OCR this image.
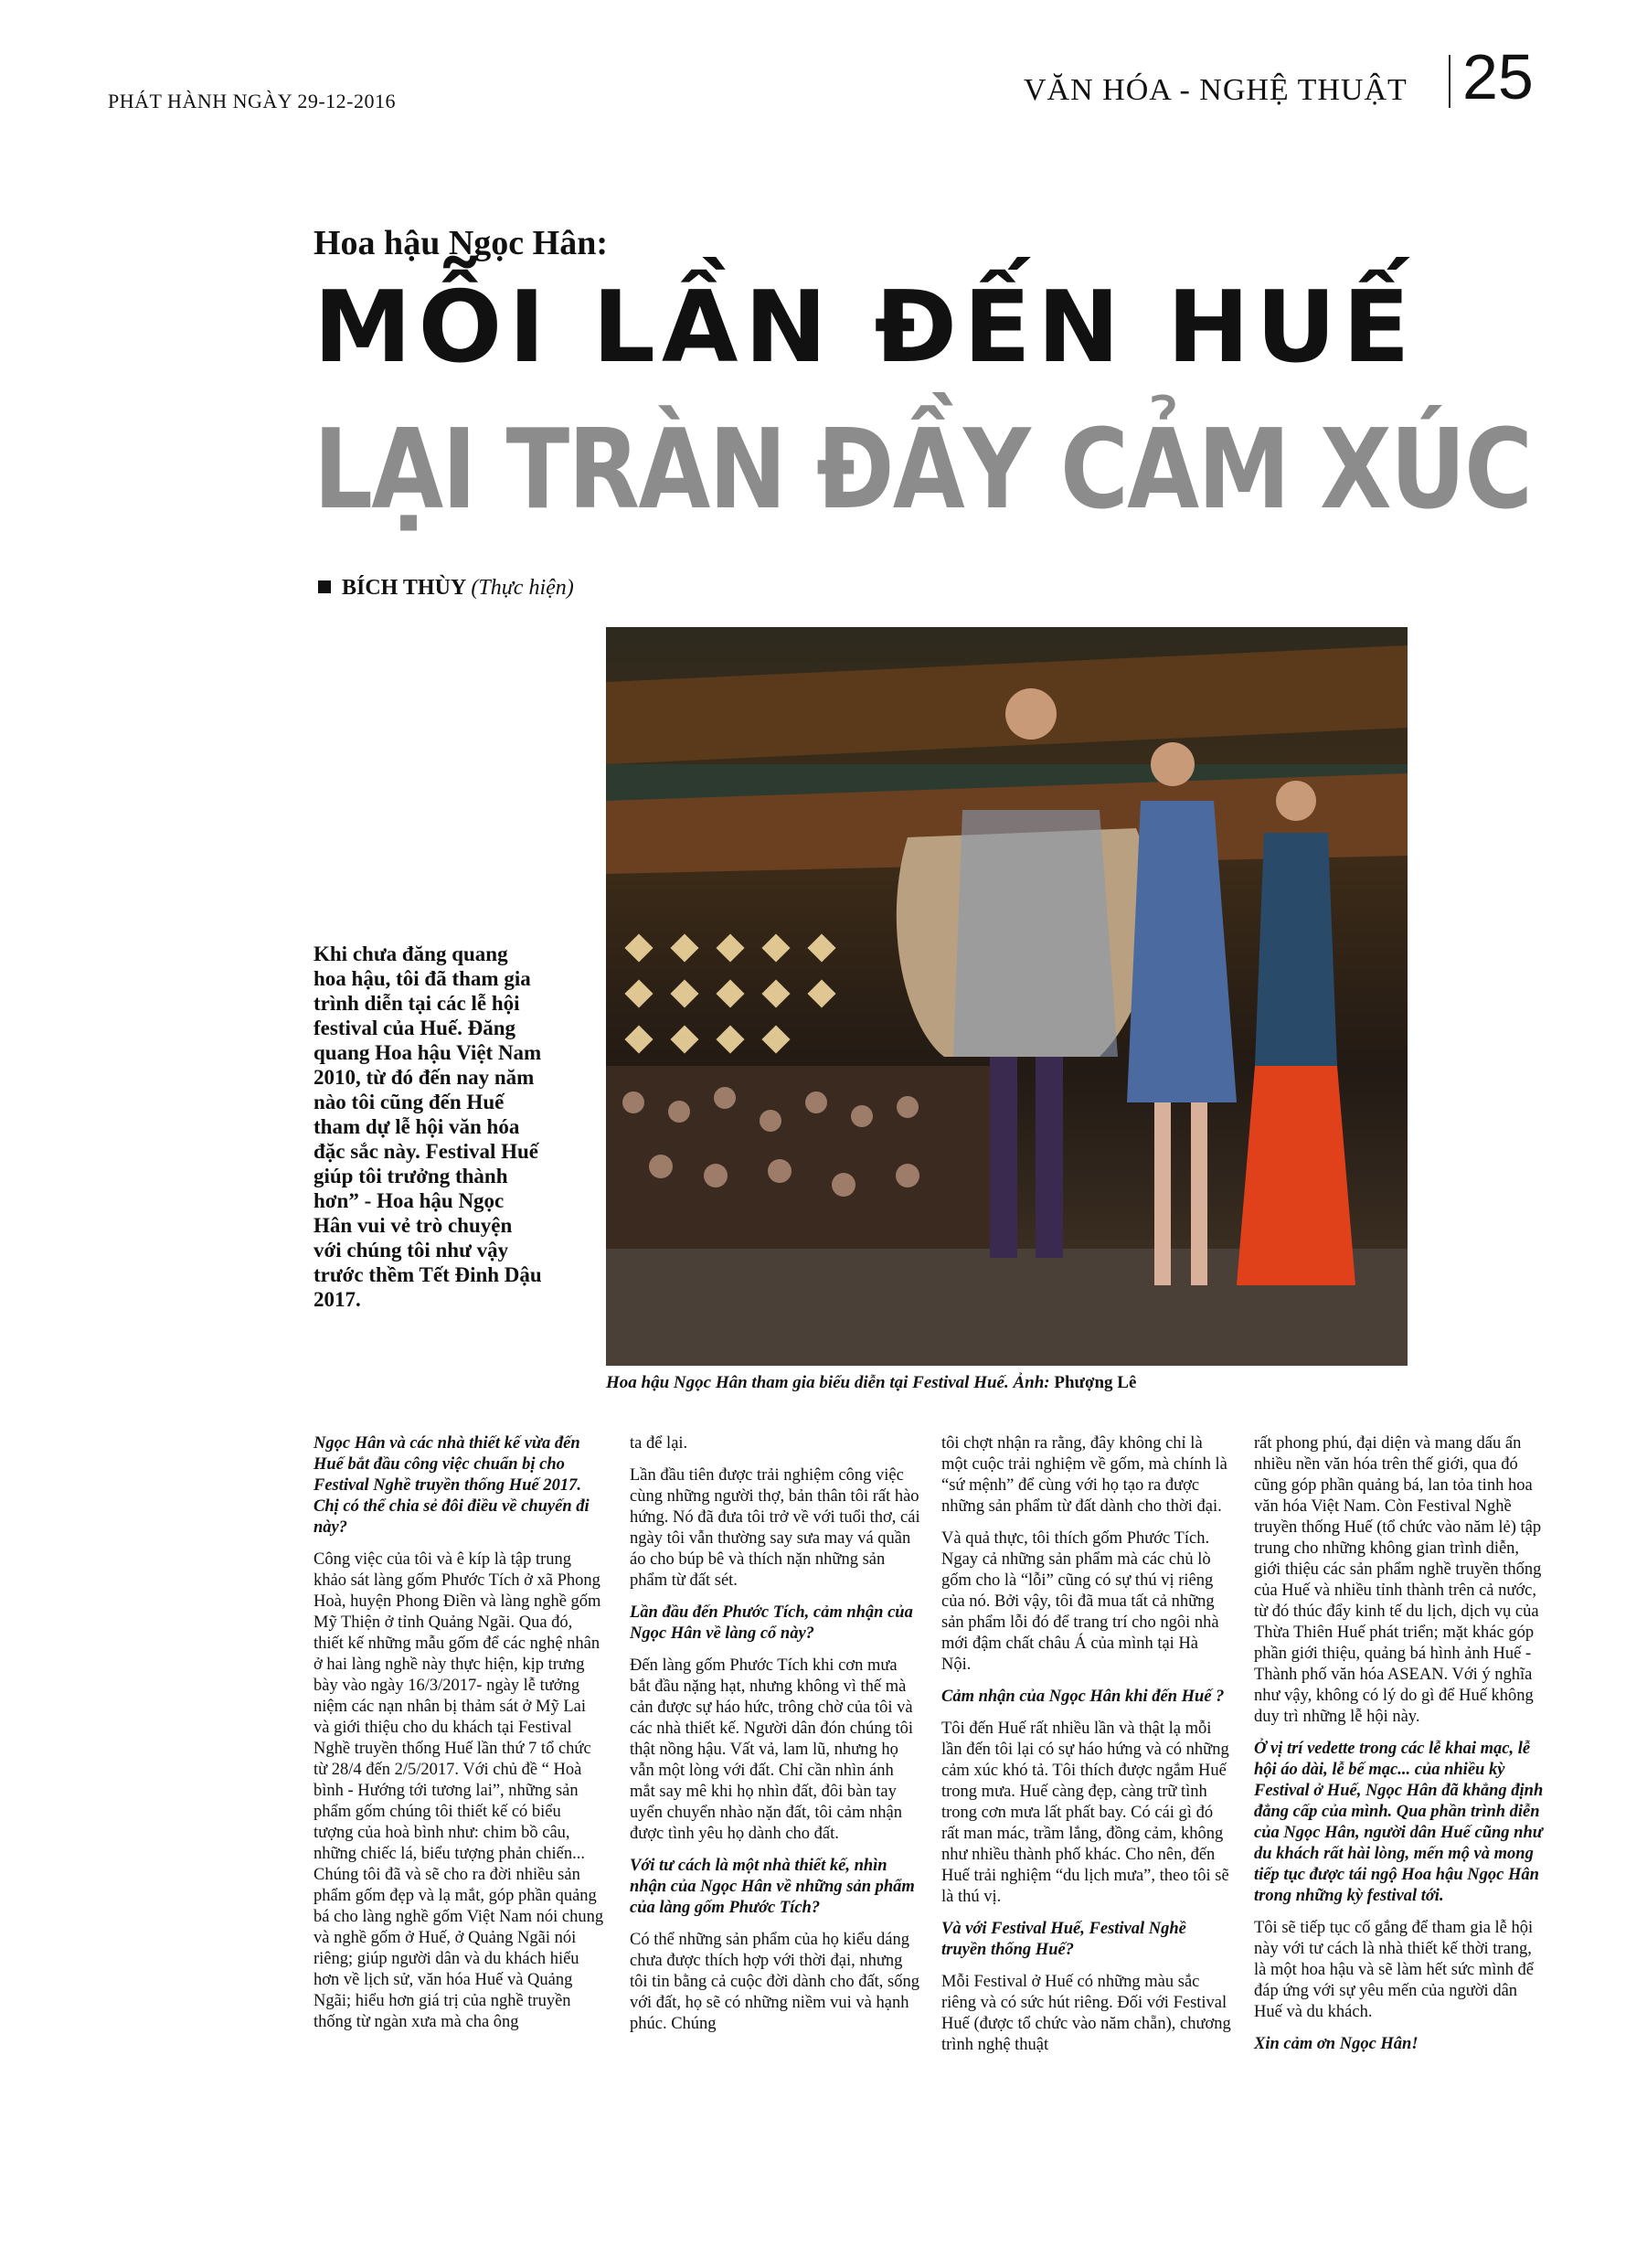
PHÁT HÀNH NGÀY 29-12-2016	VĂN HÓA - NGHỆ THUẬT 25
Hoa hậu Ngọc Hân:
MỖI LẦN ĐẾN HUẾ
LẠI TRÀN ĐẦY CẢM XÚC
BÍCH THÙY (Thực hiện)
Hoa hậu Ngọc Hân tham gia biểu diễn tại Festival Huế. Ảnh: Phượng Lê
Khi chưa đăng quang hoa hậu, tôi đã tham gia trình diễn tại các lễ hội festival của Huế. Đăng quang Hoa hậu Việt Nam 2010, từ đó đến nay năm nào tôi cũng đến Huế tham dự lễ hội văn hóa đặc sắc này. Festival Huế giúp tôi trưởng thành hơn” - Hoa hậu Ngọc Hân vui vẻ trò chuyện với chúng tôi như vậy trước thềm Tết Đinh Dậu 2017.

Ngọc Hân và các nhà thiết kế vừa đến Huế bắt đầu công việc chuẩn bị cho Festival Nghề truyền thống Huế 2017. Chị có thể chia sẻ đôi điều về chuyến đi này?

Công việc của tôi và ê kíp là tập trung khảo sát làng gốm Phước Tích ở xã Phong Hoà, huyện Phong Điền và làng nghề gốm Mỹ Thiện ở tỉnh Quảng Ngãi. Qua đó, thiết kế những mẫu gốm để các nghệ nhân ở hai làng nghề này thực hiện, kịp trưng bày vào ngày 16/3/2017- ngày lễ tưởng niệm các nạn nhân bị thảm sát ở Mỹ Lai và giới thiệu cho du khách tại Festival Nghề truyền thống Huế lần thứ 7 tổ chức từ 28/4 đến 2/5/2017. Với chủ đề “ Hoà bình - Hướng tới tương lai”, những sản phẩm gốm chúng tôi thiết kế có biểu tượng của hoà bình như: chim bồ câu, những chiếc lá, biểu tượng phản chiến... Chúng tôi đã và sẽ cho ra đời nhiều sản phẩm gốm đẹp và lạ mắt, góp phần quảng bá cho làng nghề gốm Việt Nam nói chung và nghề gốm ở Huế, ở Quảng Ngãi nói riêng; giúp người dân và du khách hiểu hơn về lịch sử, văn hóa Huế và Quảng Ngãi; hiểu hơn giá trị của nghề truyền thống từ ngàn xưa mà cha ông

ta để lại.

Lần đầu tiên được trải nghiệm công việc cùng những người thợ, bản thân tôi rất hào hứng. Nó đã đưa tôi trở về với tuổi thơ, cái ngày tôi vẫn thường say sưa may vá quần áo cho búp bê và thích nặn những sản phẩm từ đất sét.

Lần đầu đến Phước Tích, cảm nhận của Ngọc Hân về làng cổ này?

Đến làng gốm Phước Tích khi cơn mưa bắt đầu nặng hạt, nhưng không vì thế mà cản được sự háo hức, trông chờ của tôi và các nhà thiết kế. Người dân đón chúng tôi thật nồng hậu. Vất vả, lam lũ, nhưng họ vẫn một lòng với đất. Chỉ cần nhìn ánh mắt say mê khi họ nhìn đất, đôi bàn tay uyển chuyển nhào nặn đất, tôi cảm nhận được tình yêu họ dành cho đất.

Với tư cách là một nhà thiết kế, nhìn nhận của Ngọc Hân về những sản phẩm của làng gốm Phước Tích?

Có thể những sản phẩm của họ kiểu dáng chưa được thích hợp với thời đại, nhưng tôi tin bằng cả cuộc đời dành cho đất, sống với đất, họ sẽ có những niềm vui và hạnh phúc. Chúng

tôi chợt nhận ra rằng, đây không chỉ là một cuộc trải nghiệm về gốm, mà chính là “sứ mệnh” để cùng với họ tạo ra được những sản phẩm từ đất dành cho thời đại.

Và quả thực, tôi thích gốm Phước Tích. Ngay cả những sản phẩm mà các chủ lò gốm cho là “lỗi” cũng có sự thú vị riêng của nó. Bởi vậy, tôi đã mua tất cả những sản phẩm lỗi đó để trang trí cho ngôi nhà mới đậm chất châu Á của mình tại Hà Nội.

Cảm nhận của Ngọc Hân khi đến Huế ?

Tôi đến Huế rất nhiều lần và thật lạ mỗi lần đến tôi lại có sự háo hứng và có những cảm xúc khó tả. Tôi thích được ngắm Huế trong mưa. Huế càng đẹp, càng trữ tình trong cơn mưa lất phất bay. Có cái gì đó rất man mác, trầm lắng, đồng cảm, không như nhiều thành phố khác. Cho nên, đến Huế trải nghiệm “du lịch mưa”, theo tôi sẽ là thú vị.

Và với Festival Huế, Festival Nghề truyền thống Huế?

Mỗi Festival ở Huế có những màu sắc riêng và có sức hút riêng. Đối với Festival Huế (được tổ chức vào năm chẵn), chương trình nghệ thuật

rất phong phú, đại diện và mang dấu ấn nhiều nền văn hóa trên thế giới, qua đó cũng góp phần quảng bá, lan tỏa tinh hoa văn hóa Việt Nam. Còn Festival Nghề truyền thống Huế (tổ chức vào năm lẻ) tập trung cho những không gian trình diễn, giới thiệu các sản phẩm nghề truyền thống của Huế và nhiều tỉnh thành trên cả nước, từ đó thúc đẩy kinh tế du lịch, dịch vụ của Thừa Thiên Huế phát triển; mặt khác góp phần giới thiệu, quảng bá hình ảnh Huế - Thành phố văn hóa ASEAN. Với ý nghĩa như vậy, không có lý do gì để Huế không duy trì những lễ hội này.

Ở vị trí vedette trong các lễ khai mạc, lễ hội áo dài, lễ bế mạc... của nhiều kỳ Festival ở Huế, Ngọc Hân đã khẳng định đẳng cấp của mình. Qua phần trình diễn của Ngọc Hân, người dân Huế cũng như du khách rất hài lòng, mến mộ và mong tiếp tục được tái ngộ Hoa hậu Ngọc Hân trong những kỳ festival tới.

Tôi sẽ tiếp tục cố gắng để tham gia lễ hội này với tư cách là nhà thiết kế thời trang, là một hoa hậu và sẽ làm hết sức mình để đáp ứng với sự yêu mến của người dân Huế và du khách.

Xin cảm ơn Ngọc Hân!
